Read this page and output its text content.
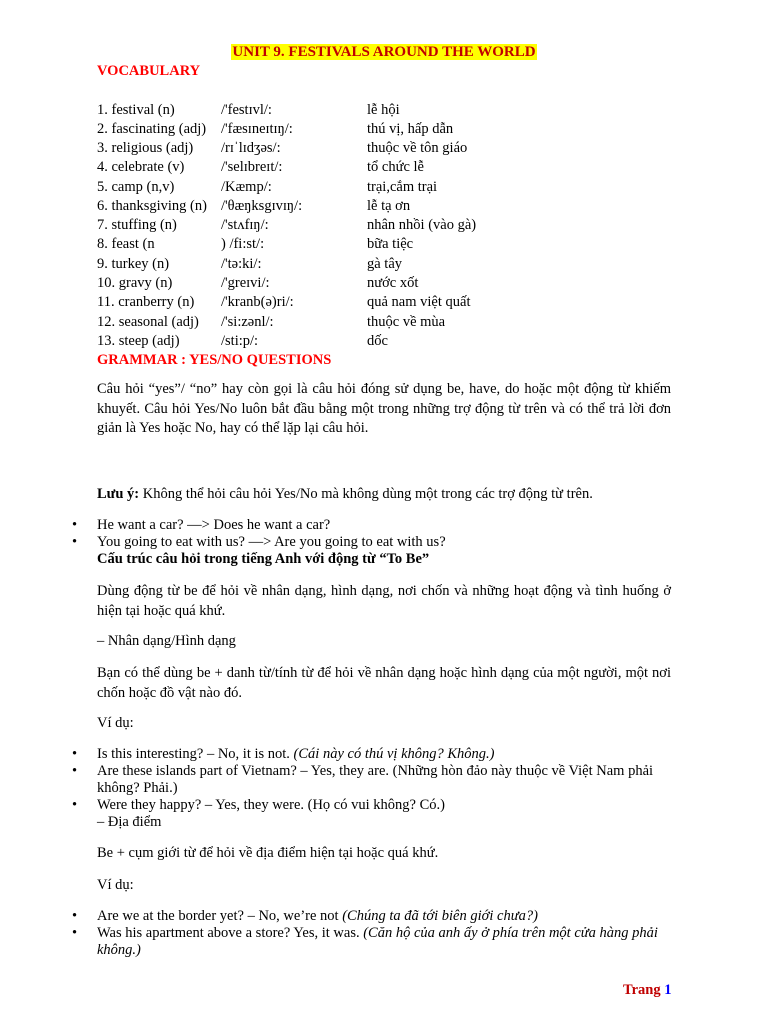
UNIT 9. FESTIVALS AROUND THE WORLD
VOCABULARY
1. festival (n)	/'festɪvl/:	lễ hội
2. fascinating (adj) /'fæsɪneɪtɪŋ/:	thú vị, hấp dẫn
3. religious (adj) /rɪˈlɪdʒəs/:	thuộc về tôn giáo
4. celebrate (v)	/'selɪbreɪt/:	tổ chức lễ
5. camp (n,v)	/Kæmp/:	trại,cắm trại
6. thanksgiving (n) /'θæŋksgɪvɪŋ/:	lễ tạ ơn
7. stuffing (n)	/'stʌfɪŋ/:	nhân nhồi (vào gà)
8. feast (n	) /fi:st/:	bữa tiệc
9. turkey (n)	/'tə:ki/:	gà tây
10. gravy (n)	/'greɪvi/:	nước xốt
11. cranberry (n) /'kranb(ə)ri/:	quả nam việt quất
12. seasonal (adj) /'si:zənl/:	thuộc về mùa
13. steep (adj)	/sti:p/:	dốc
GRAMMAR : YES/NO QUESTIONS
Câu hỏi “yes”/ “no” hay còn gọi là câu hỏi đóng sử dụng be, have, do hoặc một động từ khiếm khuyết. Câu hỏi Yes/No luôn bắt đầu bằng một trong những trợ động từ trên và có thể trả lời đơn giản là Yes hoặc No, hay có thể lặp lại câu hỏi.
Lưu ý: Không thể hỏi câu hỏi Yes/No mà không dùng một trong các trợ động từ trên.
• He want a car? —> Does he want a car?
• You going to eat with us? —> Are you going to eat with us?
Cấu trúc câu hỏi trong tiếng Anh với động từ “To Be”
Dùng động từ be để hỏi về nhân dạng, hình dạng, nơi chốn và những hoạt động và tình huống ở hiện tại hoặc quá khứ.
– Nhân dạng/Hình dạng
Bạn có thể dùng be + danh từ/tính từ để hỏi về nhân dạng hoặc hình dạng của một người, một nơi chốn hoặc đồ vật nào đó.
Ví dụ:
• Is this interesting? – No, it is not. (Cái này có thú vị không? Không.)
• Are these islands part of Vietnam? – Yes, they are. (Những hòn đảo này thuộc về Việt Nam phải không? Phải.)
• Were they happy? – Yes, they were. (Họ có vui không? Có.)
– Địa điểm
Be + cụm giới từ để hỏi về địa điểm hiện tại hoặc quá khứ.
Ví dụ:
• Are we at the border yet? – No, we’re not (Chúng ta đã tới biên giới chưa?)
• Was his apartment above a store? Yes, it was. (Căn hộ của anh ấy ở phía trên một cửa hàng phải không.)
Trang 1
